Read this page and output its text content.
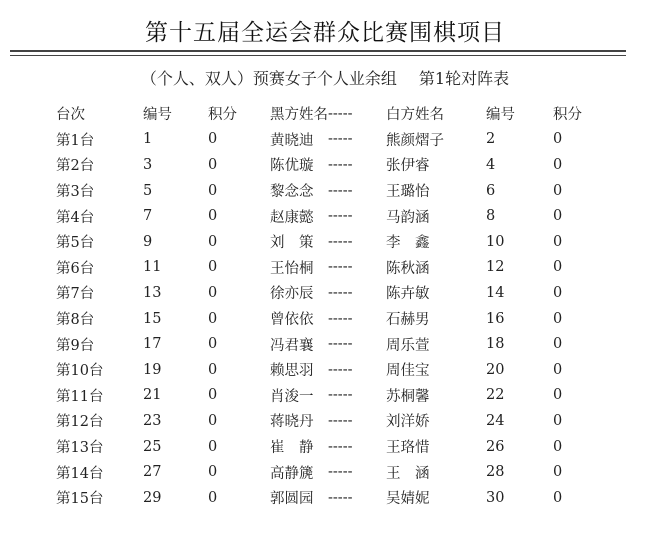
第十五届全运会群众比赛围棋项目
（个人、双人）预赛女子个人业余组 第1轮对阵表
台次	编号	积分	黑方姓名	-----	白方姓名	编号	积分
第1台	1	0	黄晓迪	-----	熊颜熠子	2	0
第2台	3	0	陈优璇	-----	张伊睿	4	0
第3台	5	0	黎念念	-----	王璐怡	6	0
第4台	7	0	赵康懿	-----	马韵涵	8	0
第5台	9	0	刘　策	-----	李　鑫	10	0
第6台	11	0	王怡桐	-----	陈秋涵	12	0
第7台	13	0	徐亦辰	-----	陈卉敏	14	0
第8台	15	0	曾依依	-----	石赫男	16	0
第9台	17	0	冯君襄	-----	周乐萱	18	0
第10台	19	0	赖思羽	-----	周佳宝	20	0
第11台	21	0	肖浚一	-----	苏桐馨	22	0
第12台	23	0	蒋晓丹	-----	刘洋娇	24	0
第13台	25	0	崔　静	-----	王珞惜	26	0
第14台	27	0	高静篪	-----	王　涵	28	0
第15台	29	0	郭圆园	-----	吴婧妮	30	0
